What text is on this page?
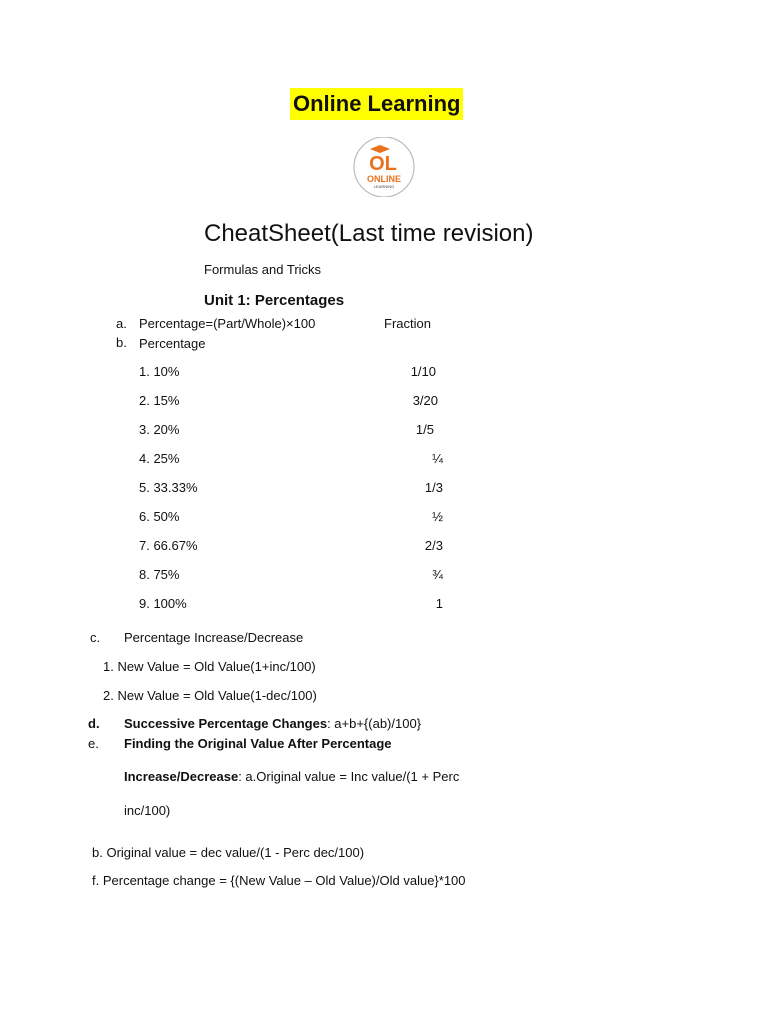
Online Learning
OL
ONLINE
LEARNING
CheatSheet(Last time revision)
Formulas and Tricks
Unit 1: Percentages
a. Percentage=(Part/Whole)×100	Fraction
b. Percentage
1. 10%	1/10
2. 15%	3/20
3. 20%	1/5
4. 25%	¼
5. 33.33%	1/3
6. 50%	½
7. 66.67%	2/3
8. 75%	¾
9. 100%	1
c. Percentage Increase/Decrease
1. New Value = Old Value(1+inc/100)
2. New Value = Old Value(1-dec/100)
d. Successive Percentage Changes: a+b+{(ab)/100}
e. Finding the Original Value After Percentage
Increase/Decrease: a.Original value = Inc value/(1 + Perc
inc/100)
b. Original value = dec value/(1 - Perc dec/100)
f. Percentage change = {(New Value – Old Value)/Old value}*100
